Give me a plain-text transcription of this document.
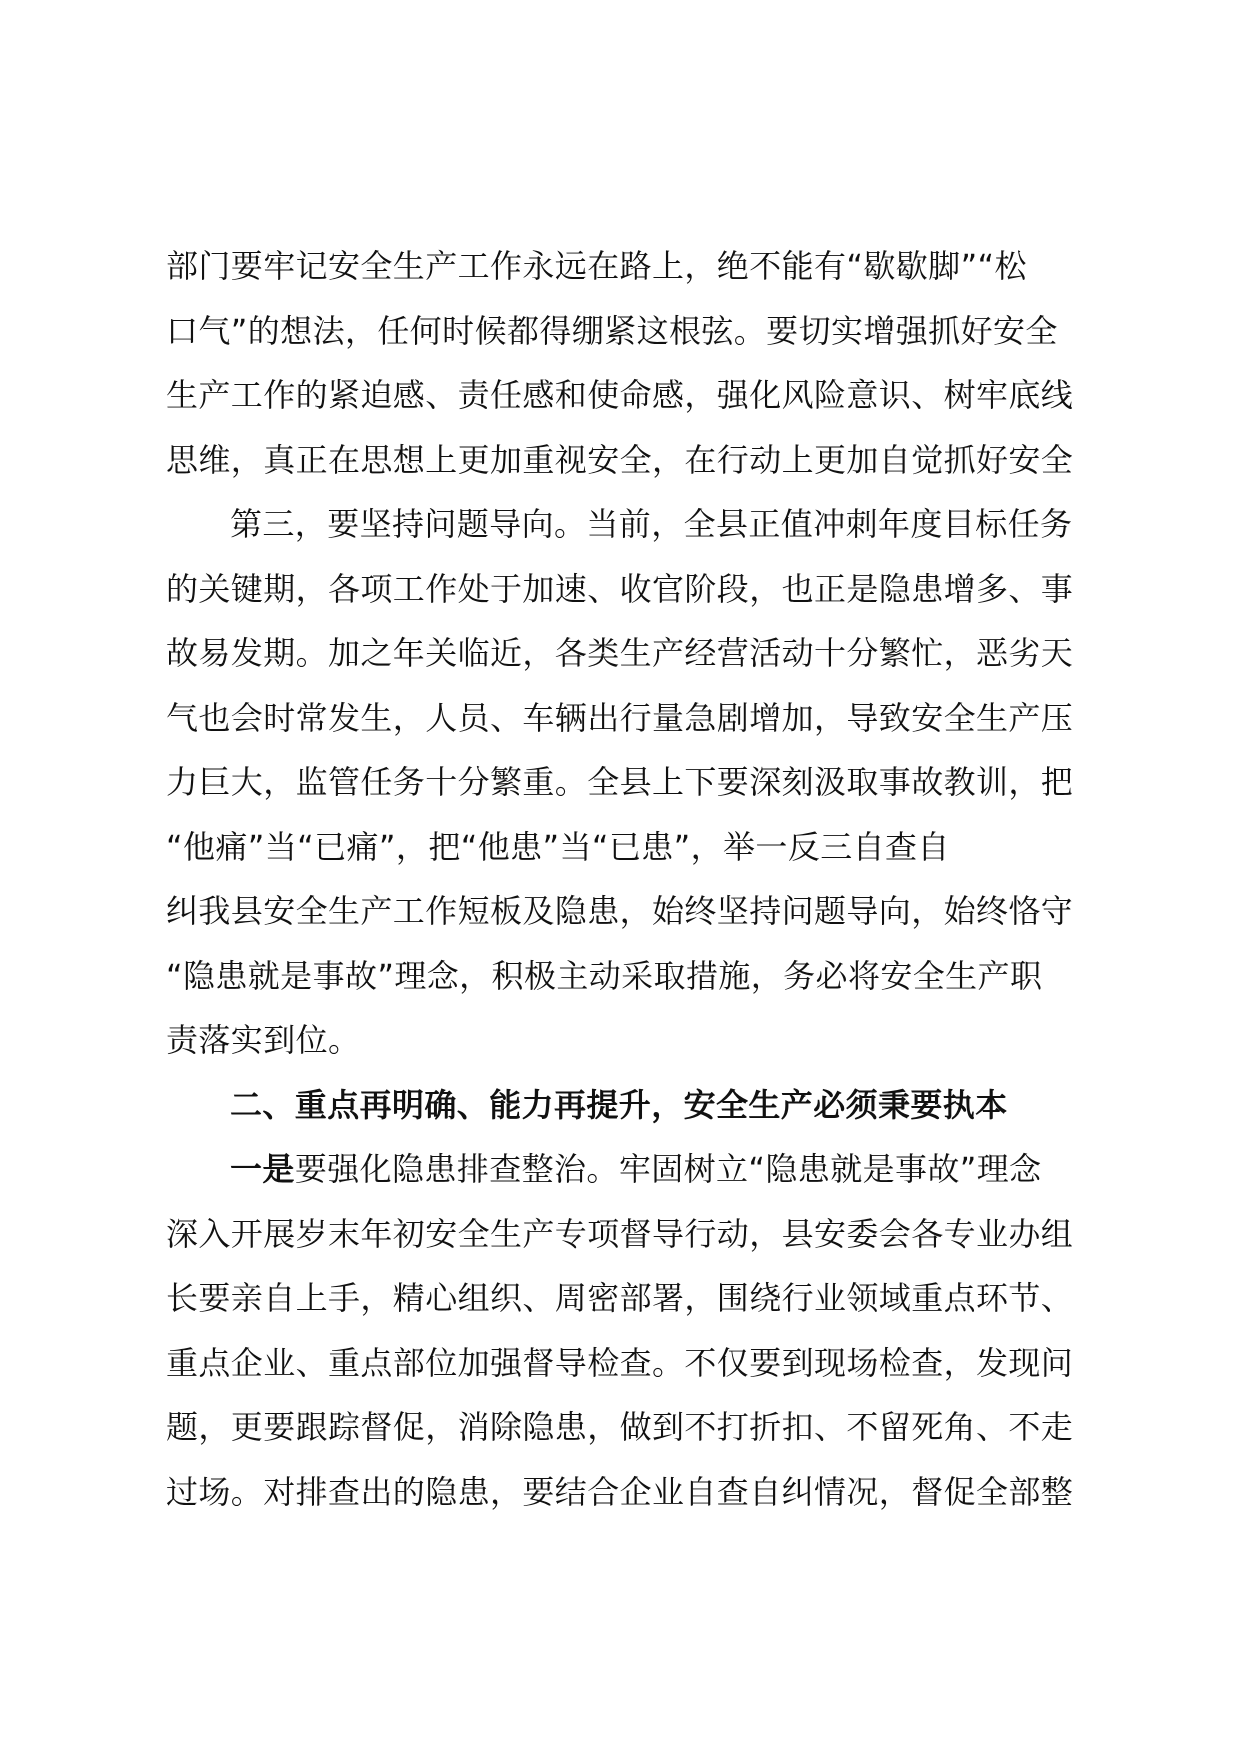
部门要牢记安全生产工作永远在路上，绝不能有“歇歇脚”“松
口气”的想法，任何时候都得绷紧这根弦。要切实增强抓好安全
生产工作的紧迫感、责任感和使命感，强化风险意识、树牢底线
思维，真正在思想上更加重视安全，在行动上更加自觉抓好安全
第三，要坚持问题导向。当前，全县正值冲刺年度目标任务
的关键期，各项工作处于加速、收官阶段，也正是隐患增多、事
故易发期。加之年关临近，各类生产经营活动十分繁忙，恶劣天
气也会时常发生，人员、车辆出行量急剧增加，导致安全生产压
力巨大，监管任务十分繁重。全县上下要深刻汲取事故教训，把
“他痛”当“已痛”，把“他患”当“已患”，举一反三自查自
纠我县安全生产工作短板及隐患，始终坚持问题导向，始终恪守
“隐患就是事故”理念，积极主动采取措施，务必将安全生产职
责落实到位。
二、重点再明确、能力再提升，安全生产必须秉要执本
一是要强化隐患排查整治。牢固树立“隐患就是事故”理念
深入开展岁末年初安全生产专项督导行动，县安委会各专业办组
长要亲自上手，精心组织、周密部署，围绕行业领域重点环节、
重点企业、重点部位加强督导检查。不仅要到现场检查，发现问
题，更要跟踪督促，消除隐患，做到不打折扣、不留死角、不走
过场。对排查出的隐患，要结合企业自查自纠情况，督促全部整
